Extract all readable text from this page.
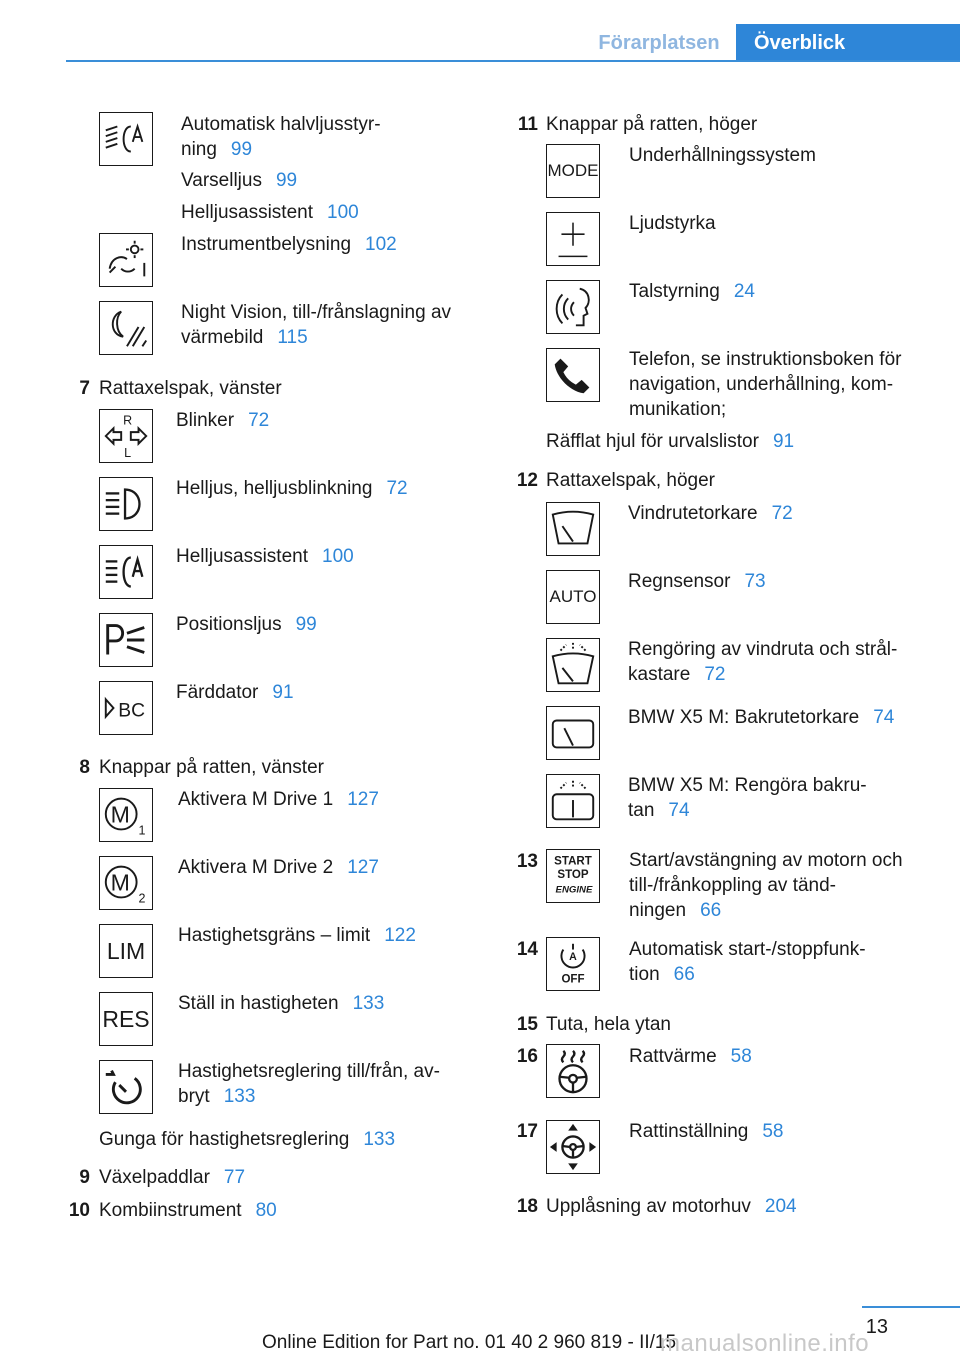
Förarplatsen	Överblick
Automatisk halvljusstyr-
ning 99
Varselljus 99
Helljusassistent 100
Instrumentbelysning 102
Night Vision, till-/frånslagning av
värmebild 115
7 Rattaxelspak, vänster
R
L
Blinker 72
Helljus, helljusblinkning 72
Helljusassistent 100
Positionsljus 99
BC
Färddator 91
8 Knappar på ratten, vänster
M
1
Aktivera M Drive 1 127
M
2
Aktivera M Drive 2 127
LIM
Hastighetsgräns – limit 122
RES
Ställ in hastigheten 133
Hastighetsreglering till/från, av-
bryt 133
Gunga för hastighetsreglering 133
9 Växelpaddlar 77
10 Kombiinstrument 80
11 Knappar på ratten, höger
MODE
Underhållningssystem
Ljudstyrka
Talstyrning 24
Telefon, se instruktionsboken för
navigation, underhållning, kom-
munikation;
Räfflat hjul för urvalslistor 91
12 Rattaxelspak, höger
Vindrutetorkare 72
AUTO
Regnsensor 73
Rengöring av vindruta och strål-
kastare 72
BMW X5 M: Bakrutetorkare 74
BMW X5 M: Rengöra bakru-
tan 74
13 START
STOP
ENGINE
Start/avstängning av motorn och
till-/frånkoppling av tänd-
ningen 66
14	A
OFF
Automatisk start-/stoppfunk-
tion 66
15 Tuta, hela ytan
16	Rattvärme 58
17	Rattinställning 58
18 Upplåsning av motorhuv 204
13
Online Edition for Part no. 01 40 2 960 819 - II/15
manualsonline.info
